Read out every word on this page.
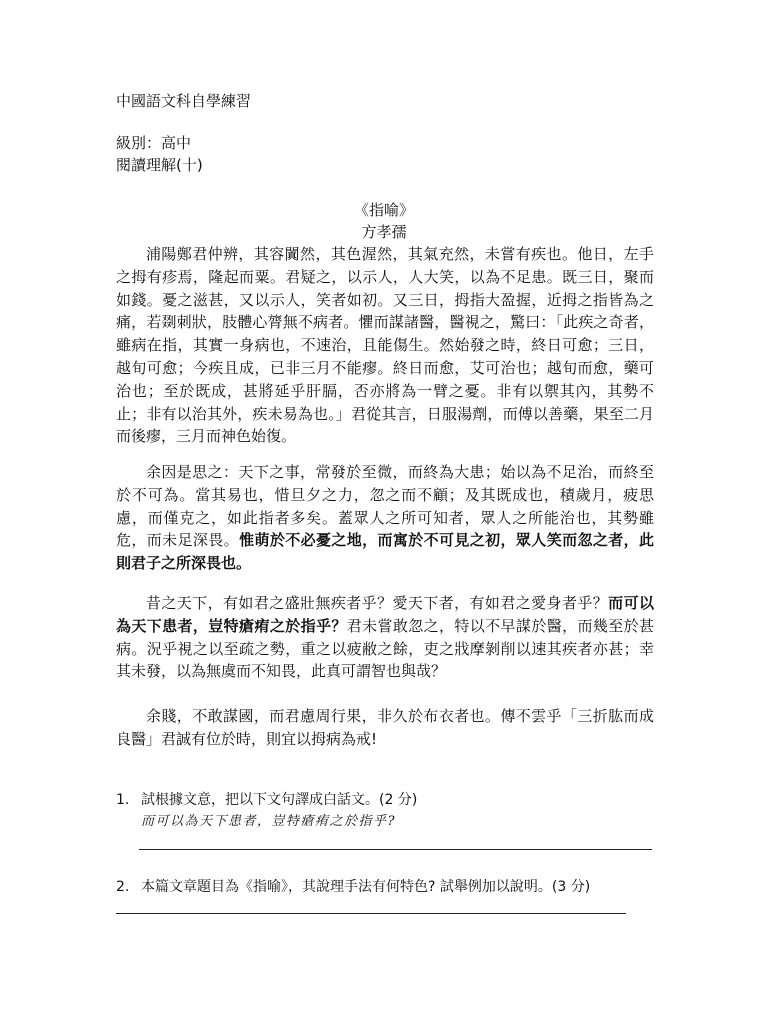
中國語文科自學練習
級別：高中
閱讀理解(十)
《指喻》
方孝孺
浦陽鄭君仲辨，其容闐然，其色渥然，其氣充然，未嘗有疾也。他日，左手之拇有疹焉，隆起而粟。君疑之，以示人，人大笑，以為不足患。既三日，聚而如錢。憂之滋甚，又以示人，笑者如初。又三日，拇指大盈握，近拇之指皆為之痛，若剟刺狀，肢體心膂無不病者。懼而謀諸醫，醫視之，驚曰：「此疾之奇者，雖病在指，其實一身病也，不速治，且能傷生。然始發之時，終日可愈；三日，越旬可愈；今疾且成，已非三月不能瘳。終日而愈，艾可治也；越旬而愈，藥可治也；至於既成，甚將延乎肝膈，否亦將為一臂之憂。非有以禦其內，其勢不止；非有以治其外，疾未易為也。」君從其言，日服湯劑，而傅以善藥，果至二月而後瘳，三月而神色始復。
余因是思之：天下之事，常發於至微，而終為大患；始以為不足治，而終至於不可為。當其易也，惜旦夕之力，忽之而不顧；及其既成也，積歲月，疲思慮，而僅克之，如此指者多矣。蓋眾人之所可知者，眾人之所能治也，其勢雖危，而未足深畏。惟萌於不必憂之地，而寓於不可見之初，眾人笑而忽之者，此則君子之所深畏也。
昔之天下，有如君之盛壯無疾者乎？愛天下者，有如君之愛身者乎？而可以為天下患者，豈特瘡痏之於指乎？君未嘗敢忽之，特以不早謀於醫，而幾至於甚病。況乎視之以至疏之勢，重之以疲敝之餘，吏之戕摩剝削以速其疾者亦甚；幸其未發，以為無虞而不知畏，此真可謂智也與哉？
余賤，不敢謀國，而君慮周行果，非久於布衣者也。傳不雲乎「三折肱而成良醫」君誠有位於時，則宜以拇病為戒!
1. 試根據文意，把以下文句譯成白話文。(2 分)
而可以為天下患者，豈特瘡痏之於指乎?
2. 本篇文章題目為《指喻》，其說理手法有何特色? 試舉例加以說明。(3 分)
